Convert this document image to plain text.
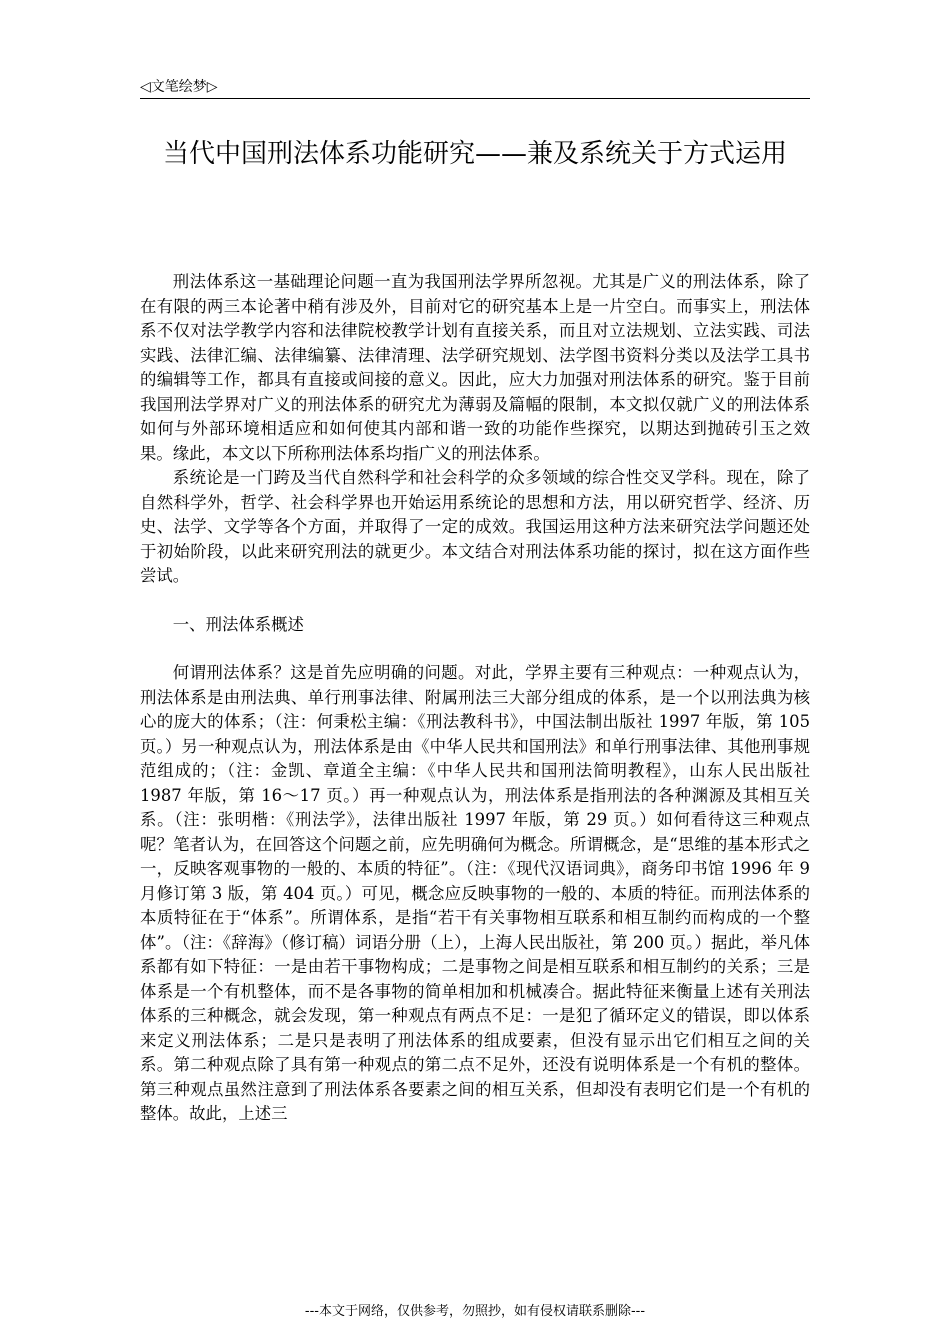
◁文笔绘梦▷
当代中国刑法体系功能研究——兼及系统关于方式运用

刑法体系这一基础理论问题一直为我国刑法学界所忽视。尤其是广义的刑法体系，除了在有限的两三本论著中稍有涉及外，目前对它的研究基本上是一片空白。而事实上，刑法体系不仅对法学教学内容和法律院校教学计划有直接关系，而且对立法规划、立法实践、司法实践、法律汇编、法律编纂、法律清理、法学研究规划、法学图书资料分类以及法学工具书的编辑等工作，都具有直接或间接的意义。因此，应大力加强对刑法体系的研究。鉴于目前我国刑法学界对广义的刑法体系的研究尤为薄弱及篇幅的限制，本文拟仅就广义的刑法体系如何与外部环境相适应和如何使其内部和谐一致的功能作些探究，以期达到抛砖引玉之效果。缘此，本文以下所称刑法体系均指广义的刑法体系。

系统论是一门跨及当代自然科学和社会科学的众多领域的综合性交叉学科。现在，除了自然科学外，哲学、社会科学界也开始运用系统论的思想和方法，用以研究哲学、经济、历史、法学、文学等各个方面，并取得了一定的成效。我国运用这种方法来研究法学问题还处于初始阶段，以此来研究刑法的就更少。本文结合对刑法体系功能的探讨，拟在这方面作些尝试。

一、刑法体系概述

何谓刑法体系？这是首先应明确的问题。对此，学界主要有三种观点：一种观点认为，刑法体系是由刑法典、单行刑事法律、附属刑法三大部分组成的体系，是一个以刑法典为核心的庞大的体系；（注：何秉松主编：《刑法教科书》，中国法制出版社 1997 年版，第 105 页。）另一种观点认为，刑法体系是由《中华人民共和国刑法》和单行刑事法律、其他刑事规范组成的；（注：金凯、章道全主编：《中华人民共和国刑法简明教程》，山东人民出版社 1987 年版，第 16～17 页。）再一种观点认为，刑法体系是指刑法的各种渊源及其相互关系。（注：张明楷：《刑法学》，法律出版社 1997 年版，第 29 页。）如何看待这三种观点呢？笔者认为，在回答这个问题之前，应先明确何为概念。所谓概念，是“思维的基本形式之一，反映客观事物的一般的、本质的特征”。（注：《现代汉语词典》，商务印书馆 1996 年 9 月修订第 3 版，第 404 页。）可见，概念应反映事物的一般的、本质的特征。而刑法体系的本质特征在于“体系”。所谓体系，是指“若干有关事物相互联系和相互制约而构成的一个整体”。（注：《辞海》（修订稿）词语分册（上），上海人民出版社，第 200 页。）据此，举凡体系都有如下特征：一是由若干事物构成；二是事物之间是相互联系和相互制约的关系；三是体系是一个有机整体，而不是各事物的简单相加和机械凑合。据此特征来衡量上述有关刑法体系的三种概念，就会发现，第一种观点有两点不足：一是犯了循环定义的错误，即以体系来定义刑法体系；二是只是表明了刑法体系的组成要素，但没有显示出它们相互之间的关系。第二种观点除了具有第一种观点的第二点不足外，还没有说明体系是一个有机的整体。第三种观点虽然注意到了刑法体系各要素之间的相互关系，但却没有表明它们是一个有机的整体。故此，上述三

---本文于网络，仅供参考，勿照抄，如有侵权请联系删除---
